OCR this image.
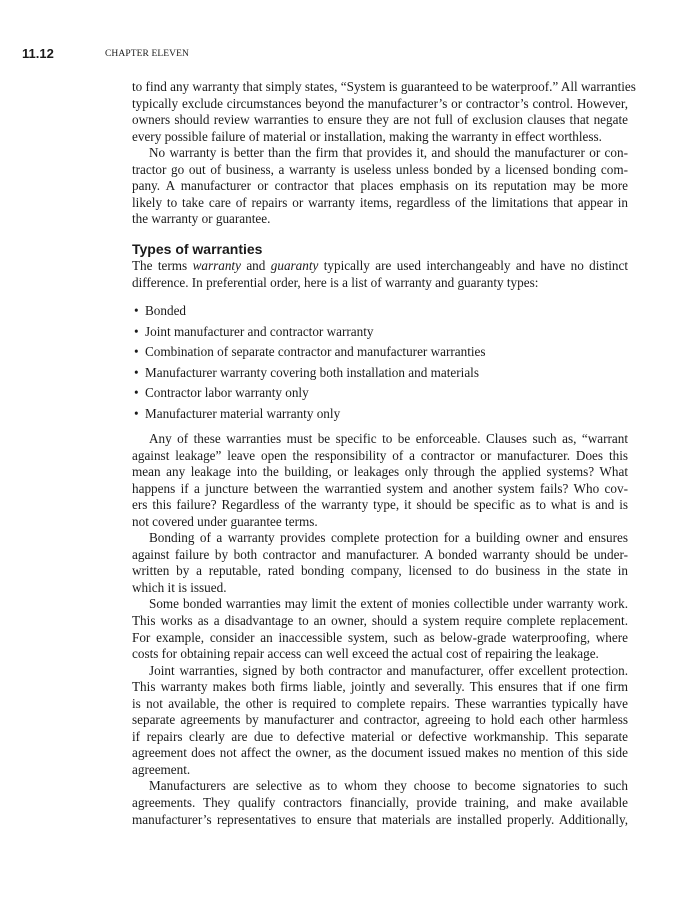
11.12	CHAPTER ELEVEN
to find any warranty that simply states, “System is guaranteed to be waterproof.” All warranties
typically exclude circumstances beyond the manufacturer’s or contractor’s control. However,
owners should review warranties to ensure they are not full of exclusion clauses that negate
every possible failure of material or installation, making the warranty in effect worthless.
No warranty is better than the firm that provides it, and should the manufacturer or con-
tractor go out of business, a warranty is useless unless bonded by a licensed bonding com-
pany. A manufacturer or contractor that places emphasis on its reputation may be more
likely to take care of repairs or warranty items, regardless of the limitations that appear in
the warranty or guarantee.
Types of warranties
The terms warranty and guaranty typically are used interchangeably and have no distinct
difference. In preferential order, here is a list of warranty and guaranty types:
• Bonded
• Joint manufacturer and contractor warranty
• Combination of separate contractor and manufacturer warranties
• Manufacturer warranty covering both installation and materials
• Contractor labor warranty only
• Manufacturer material warranty only
Any of these warranties must be specific to be enforceable. Clauses such as, “warrant
against leakage” leave open the responsibility of a contractor or manufacturer. Does this
mean any leakage into the building, or leakages only through the applied systems? What
happens if a juncture between the warrantied system and another system fails? Who cov-
ers this failure? Regardless of the warranty type, it should be specific as to what is and is
not covered under guarantee terms.
Bonding of a warranty provides complete protection for a building owner and ensures
against failure by both contractor and manufacturer. A bonded warranty should be under-
written by a reputable, rated bonding company, licensed to do business in the state in
which it is issued.
Some bonded warranties may limit the extent of monies collectible under warranty work.
This works as a disadvantage to an owner, should a system require complete replacement.
For example, consider an inaccessible system, such as below-grade waterproofing, where
costs for obtaining repair access can well exceed the actual cost of repairing the leakage.
Joint warranties, signed by both contractor and manufacturer, offer excellent protection.
This warranty makes both firms liable, jointly and severally. This ensures that if one firm
is not available, the other is required to complete repairs. These warranties typically have
separate agreements by manufacturer and contractor, agreeing to hold each other harmless
if repairs clearly are due to defective material or defective workmanship. This separate
agreement does not affect the owner, as the document issued makes no mention of this side
agreement.
Manufacturers are selective as to whom they choose to become signatories to such
agreements. They qualify contractors financially, provide training, and make available
manufacturer’s representatives to ensure that materials are installed properly. Additionally,
